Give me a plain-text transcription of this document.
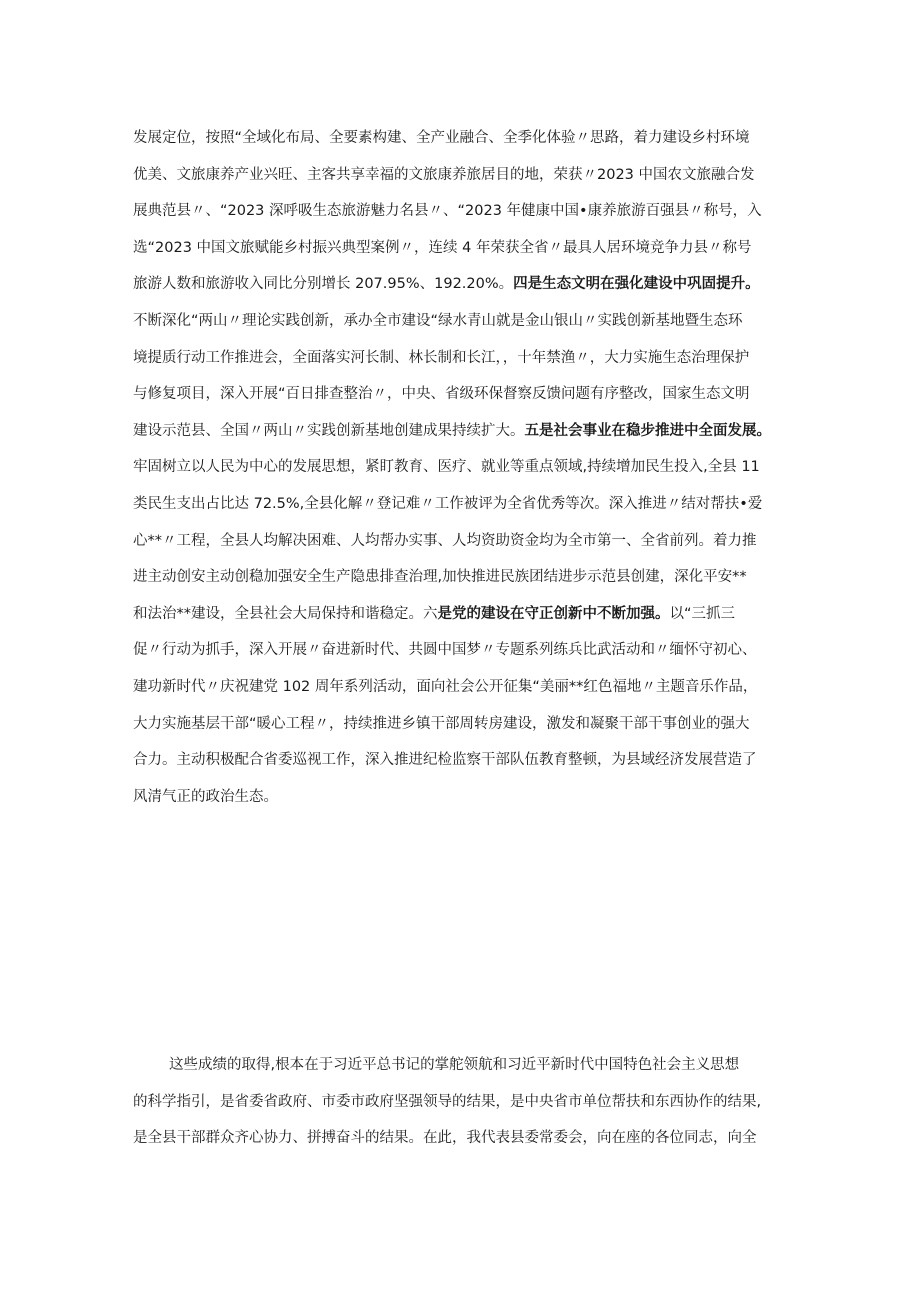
发展定位，按照“全域化布局、全要素构建、全产业融合、全季化体验〃思路，着力建设乡村环境
优美、文旅康养产业兴旺、主客共享幸福的文旅康养旅居目的地，荣获〃2023 中国农文旅融合发
展典范县〃、“2023 深呼吸生态旅游魅力名县〃、“2023 年健康中国•康养旅游百强县〃称号，入
选“2023 中国文旅赋能乡村振兴典型案例〃，连续 4 年荣获全省〃最具人居环境竞争力县〃称号
旅游人数和旅游收入同比分别增长 207.95%、192.20%。四是生态文明在强化建设中巩固提升。
不断深化“两山〃理论实践创新，承办全市建设“绿水青山就是金山银山〃实践创新基地暨生态环
境提质行动工作推进会，全面落实河长制、林长制和长江，，十年禁渔〃，大力实施生态治理保护
与修复项目，深入开展“百日排查整治〃，中央、省级环保督察反馈问题有序整改，国家生态文明
建设示范县、全国〃两山〃实践创新基地创建成果持续扩大。五是社会事业在稳步推进中全面发展。
牢固树立以人民为中心的发展思想，紧盯教育、医疗、就业等重点领域,持续增加民生投入,全县 11
类民生支出占比达 72.5%,全县化解〃登记难〃工作被评为全省优秀等次。深入推进〃结对帮扶•爱
心**〃工程，全县人均解决困难、人均帮办实事、人均资助资金均为全市第一、全省前列。着力推
进主动创安主动创稳加强安全生产隐患排查治理,加快推进民族团结进步示范县创建，深化平安**
和法治**建设，全县社会大局保持和谐稳定。六是党的建设在守正创新中不断加强。以“三抓三
促〃行动为抓手，深入开展〃奋进新时代、共圆中国梦〃专题系列练兵比武活动和〃缅怀守初心、
建功新时代〃庆祝建党 102 周年系列活动，面向社会公开征集“美丽**红色福地〃主题音乐作品，
大力实施基层干部“暖心工程〃，持续推进乡镇干部周转房建设，激发和凝聚干部干事创业的强大
合力。主动积极配合省委巡视工作，深入推进纪检监察干部队伍教育整顿，为县域经济发展营造了
风清气正的政治生态。
这些成绩的取得,根本在于习近平总书记的掌舵领航和习近平新时代中国特色社会主义思想
的科学指引，是省委省政府、市委市政府坚强领导的结果，是中央省市单位帮扶和东西协作的结果,
是全县干部群众齐心协力、拼搏奋斗的结果。在此，我代表县委常委会，向在座的各位同志，向全
